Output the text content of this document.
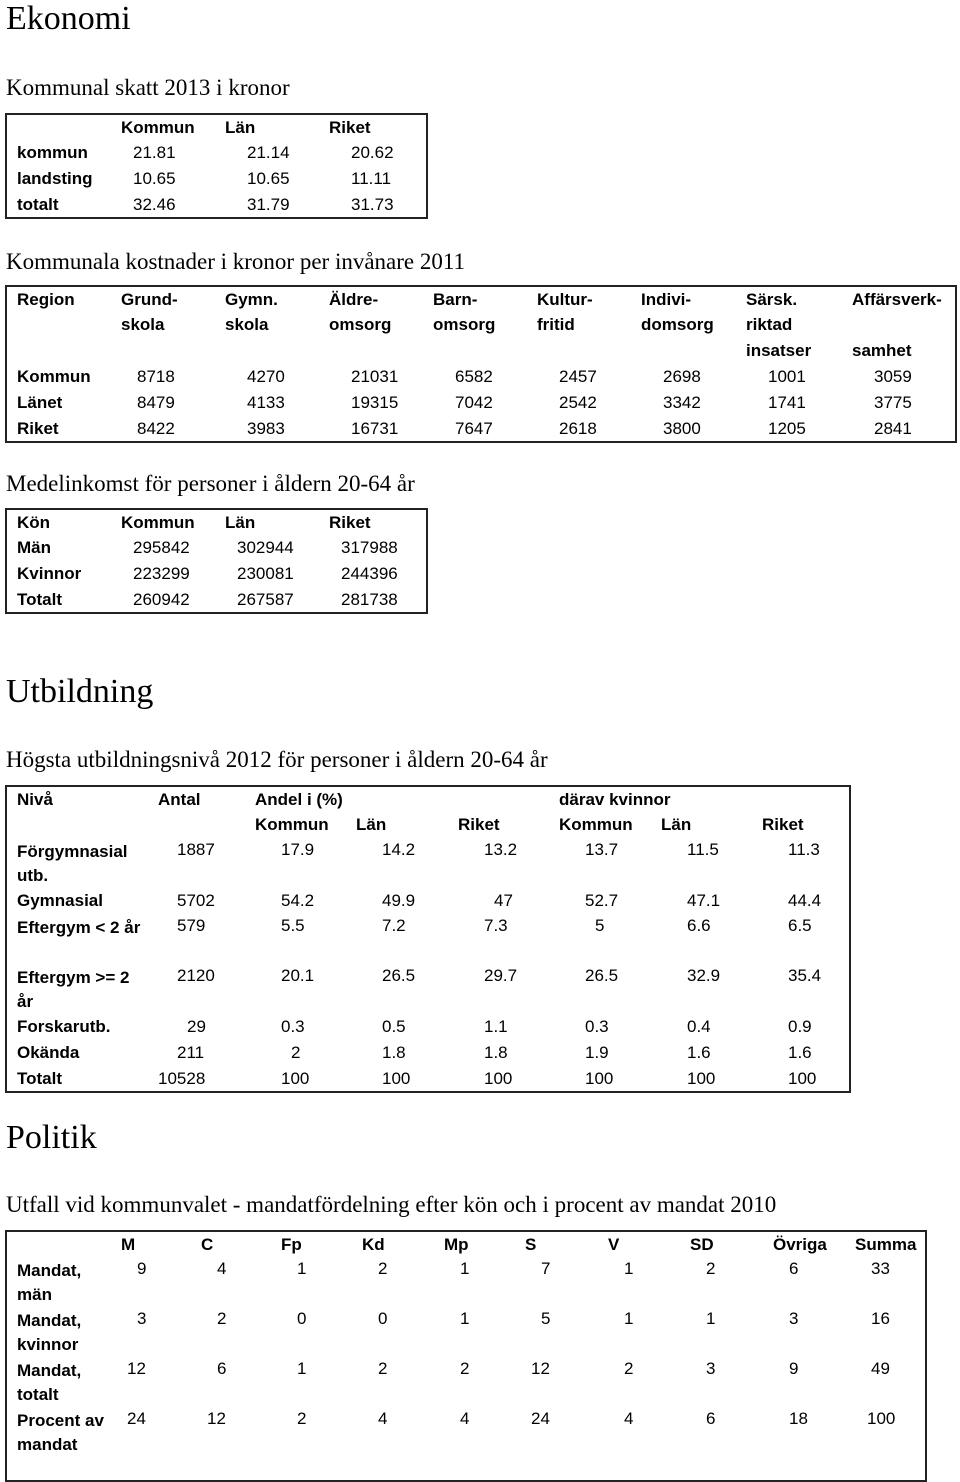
Ekonomi
Kommunal skatt 2013 i kronor
	Kommun	Län	Riket
kommun	21.81	21.14	20.62
landsting	10.65	10.65	11.11
totalt	32.46	31.79	31.73
Kommunala kostnader i kronor per invånare 2011
Region	Grund-	Gymn.	Äldre-	Barn-	Kultur-	Indivi-	Särsk.	Affärsverk-
	skola	skola	omsorg	omsorg	fritid	domsorg	riktad	
							insatser	samhet
Kommun	8718	4270	21031	6582	2457	2698	1001	3059
Länet	8479	4133	19315	7042	2542	3342	1741	3775
Riket	8422	3983	16731	7647	2618	3800	1205	2841
Medelinkomst för personer i åldern 20-64 år
Kön	Kommun	Län	Riket
Män	295842	302944	317988
Kvinnor	223299	230081	244396
Totalt	260942	267587	281738
Utbildning
Högsta utbildningsnivå 2012 för personer i åldern 20-64 år
Nivå	Antal	Andel i (%)			därav kvinnor		
		Kommun	Län	Riket	Kommun	Län	Riket
Förgymnasial utb.	1887	17.9	14.2	13.2	13.7	11.5	11.3
Gymnasial	5702	54.2	49.9	47	52.7	47.1	44.4
Eftergym < 2 år	579	5.5	7.2	7.3	5	6.6	6.5
Eftergym >= 2 år	2120	20.1	26.5	29.7	26.5	32.9	35.4
Forskarutb.	29	0.3	0.5	1.1	0.3	0.4	0.9
Okända	211	2	1.8	1.8	1.9	1.6	1.6
Totalt	10528	100	100	100	100	100	100
Politik
Utfall vid kommunvalet - mandatfördelning efter kön och i procent av mandat 2010
	M	C	Fp	Kd	Mp	S	V	SD	Övriga	Summa
Mandat, män	9	4	1	2	1	7	1	2	6	33
Mandat, kvinnor	3	2	0	0	1	5	1	1	3	16
Mandat, totalt	12	6	1	2	2	12	2	3	9	49
Procent av mandat	24	12	2	4	4	24	4	6	18	100
